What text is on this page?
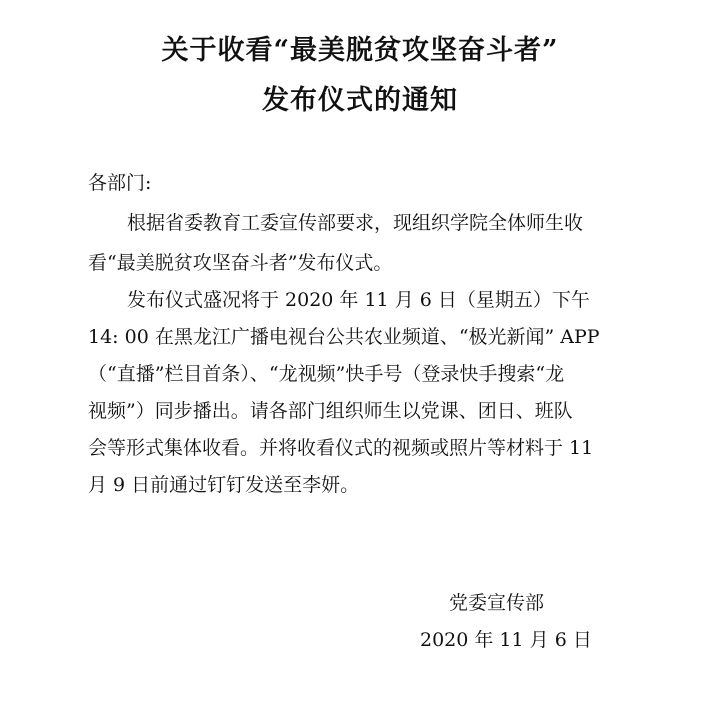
关于收看“最美脱贫攻坚奋斗者”
发布仪式的通知
各部门:
根据省委教育工委宣传部要求，现组织学院全体师生收
看“最美脱贫攻坚奋斗者”发布仪式。
发布仪式盛况将于 2020 年 11 月 6 日（星期五）下午
14: 00 在黑龙江广播电视台公共农业频道、“极光新闻” APP
（“直播”栏目首条）、“龙视频”快手号（登录快手搜索“龙
视频”）同步播出。请各部门组织师生以党课、团日、班队
会等形式集体收看。并将收看仪式的视频或照片等材料于 11
月 9 日前通过钉钉发送至李妍。
党委宣传部
2020 年 11 月 6 日
